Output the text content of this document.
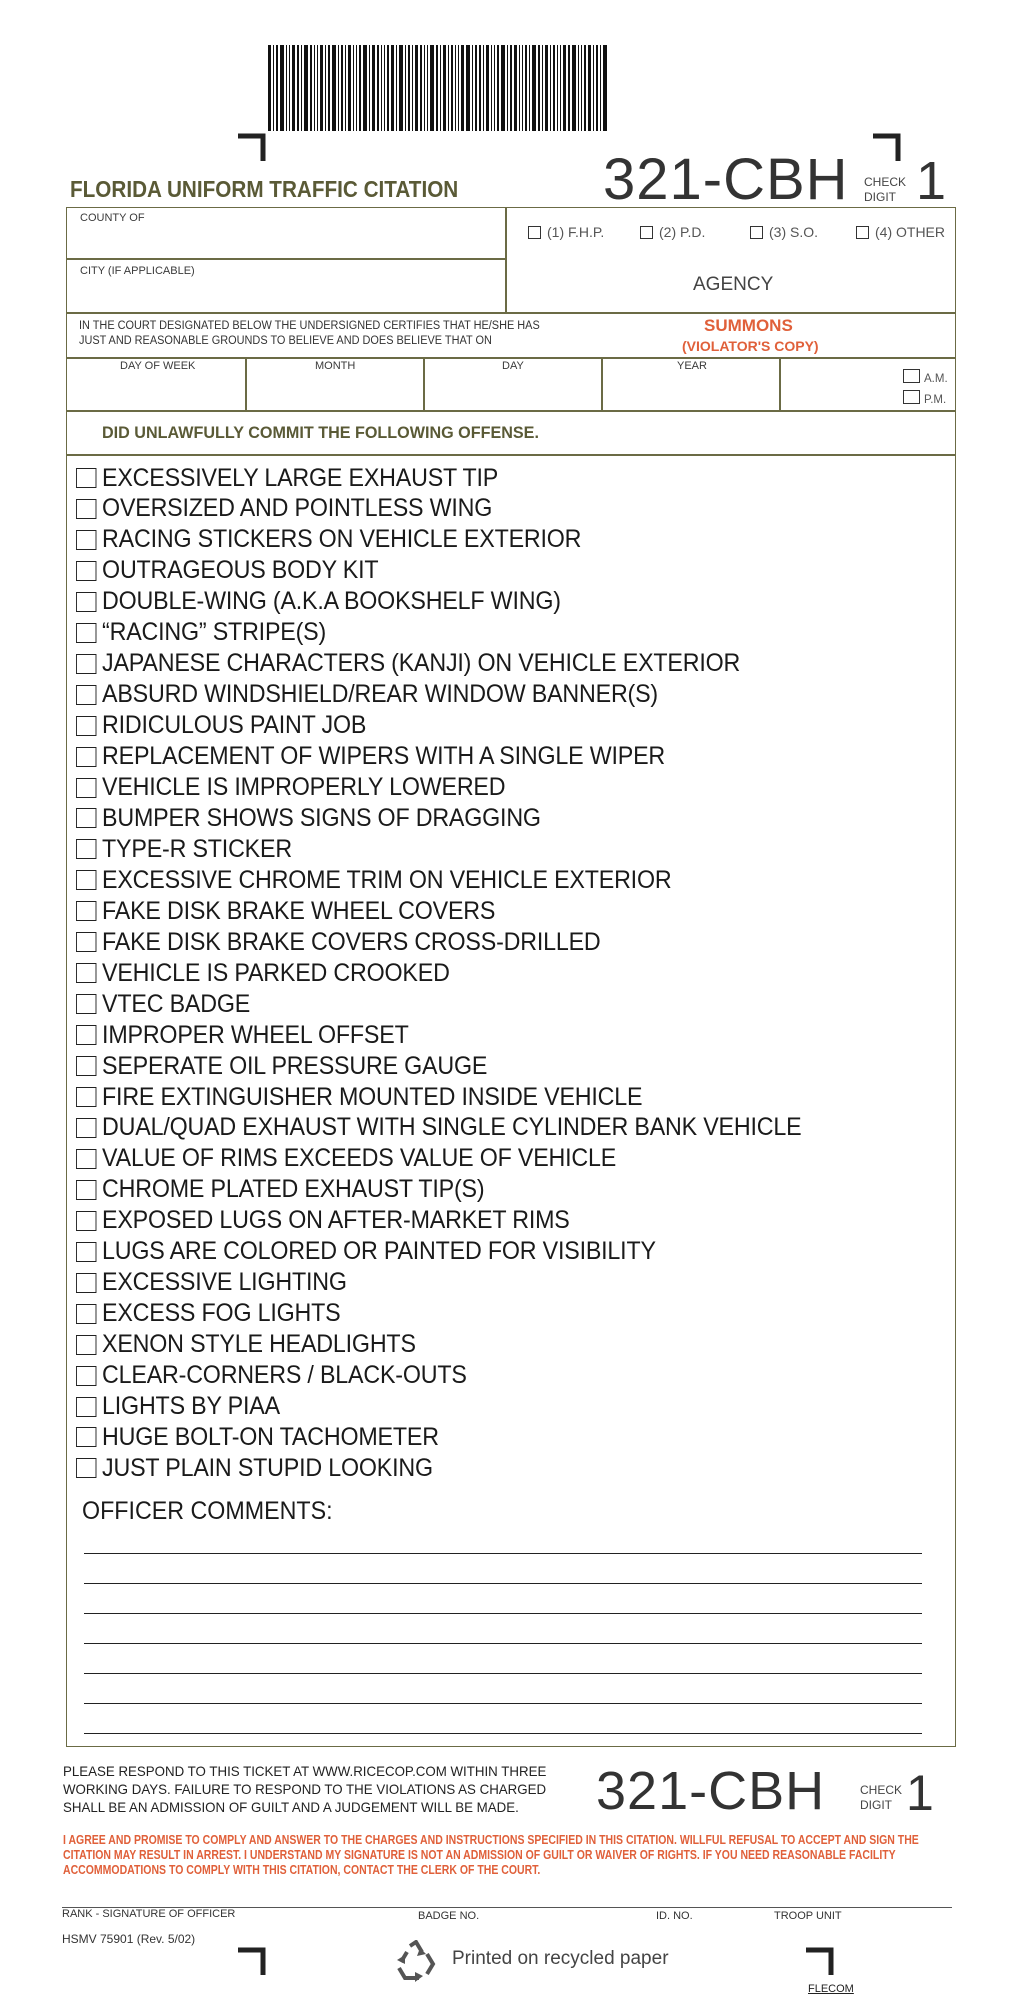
FLORIDA UNIFORM TRAFFIC CITATION 321-CBH CHECK
DIGIT 1
COUNTY OF
CITY (IF APPLICABLE)
(1) F.H.P.	(2) P.D.	(3) S.O.	(4) OTHER
AGENCY
IN THE COURT DESIGNATED BELOW THE UNDERSIGNED CERTIFIES THAT HE/SHE HAS
JUST AND REASONABLE GROUNDS TO BELIEVE AND DOES BELIEVE THAT ON
SUMMONS
(VIOLATOR'S COPY)
DAY OF WEEK	MONTH	DAY	YEAR
A.M.
P.M.
DID UNLAWFULLY COMMIT THE FOLLOWING OFFENSE.
EXCESSIVELY LARGE EXHAUST TIP
OVERSIZED AND POINTLESS WING
RACING STICKERS ON VEHICLE EXTERIOR
OUTRAGEOUS BODY KIT
DOUBLE-WING (A.K.A BOOKSHELF WING)
“RACING” STRIPE(S)
JAPANESE CHARACTERS (KANJI) ON VEHICLE EXTERIOR
ABSURD WINDSHIELD/REAR WINDOW BANNER(S)
RIDICULOUS PAINT JOB
REPLACEMENT OF WIPERS WITH A SINGLE WIPER
VEHICLE IS IMPROPERLY LOWERED
BUMPER SHOWS SIGNS OF DRAGGING
TYPE-R STICKER
EXCESSIVE CHROME TRIM ON VEHICLE EXTERIOR
FAKE DISK BRAKE WHEEL COVERS
FAKE DISK BRAKE COVERS CROSS-DRILLED
VEHICLE IS PARKED CROOKED
VTEC BADGE
IMPROPER WHEEL OFFSET
SEPERATE OIL PRESSURE GAUGE
FIRE EXTINGUISHER MOUNTED INSIDE VEHICLE
DUAL/QUAD EXHAUST WITH SINGLE CYLINDER BANK VEHICLE
VALUE OF RIMS EXCEEDS VALUE OF VEHICLE
CHROME PLATED EXHAUST TIP(S)
EXPOSED LUGS ON AFTER-MARKET RIMS
LUGS ARE COLORED OR PAINTED FOR VISIBILITY
EXCESSIVE LIGHTING
EXCESS FOG LIGHTS
XENON STYLE HEADLIGHTS
CLEAR-CORNERS / BLACK-OUTS
LIGHTS BY PIAA
HUGE BOLT-ON TACHOMETER
JUST PLAIN STUPID LOOKING
OFFICER COMMENTS:
PLEASE RESPOND TO THIS TICKET AT WWW.RICECOP.COM WITHIN THREE
WORKING DAYS. FAILURE TO RESPOND TO THE VIOLATIONS AS CHARGED
SHALL BE AN ADMISSION OF GUILT AND A JUDGEMENT WILL BE MADE.	321-CBH	CHECK
DIGIT 1
I AGREE AND PROMISE TO COMPLY AND ANSWER TO THE CHARGES AND INSTRUCTIONS SPECIFIED IN THIS CITATION. WILLFUL REFUSAL TO ACCEPT AND SIGN THE
CITATION MAY RESULT IN ARREST. I UNDERSTAND MY SIGNATURE IS NOT AN ADMISSION OF GUILT OR WAIVER OF RIGHTS. IF YOU NEED REASONABLE FACILITY
ACCOMMODATIONS TO COMPLY WITH THIS CITATION, CONTACT THE CLERK OF THE COURT.
RANK - SIGNATURE OF OFFICER	BADGE NO.	ID. NO.	TROOP UNIT
HSMV 75901 (Rev. 5/02)
Printed on recycled paper
FLECOM
